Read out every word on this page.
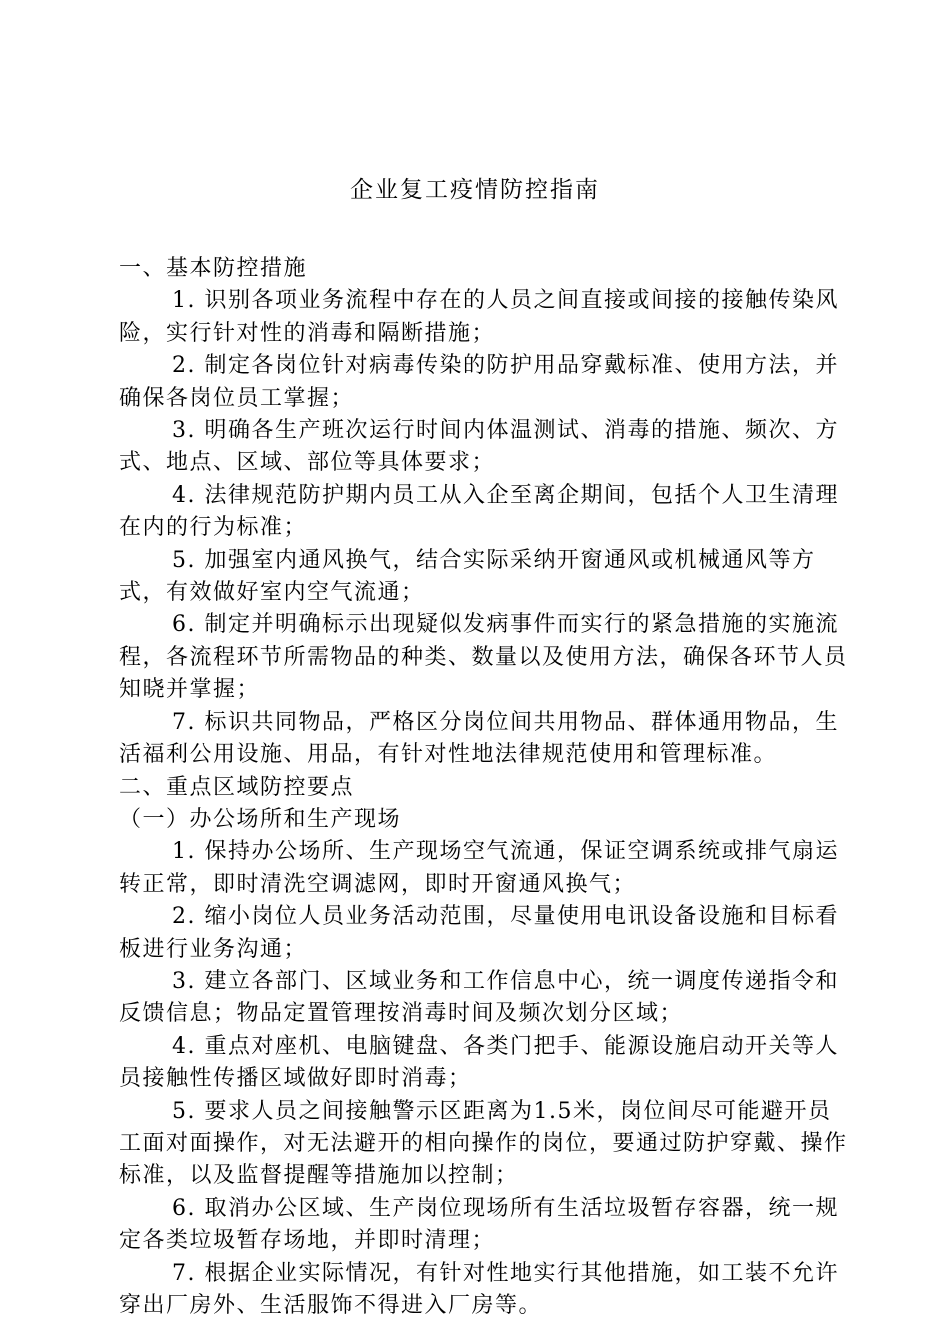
企业复工疫情防控指南

一、基本防控措施

1. 识别各项业务流程中存在的人员之间直接或间接的接触传染风险，实行针对性的消毒和隔断措施；

2. 制定各岗位针对病毒传染的防护用品穿戴标准、使用方法，并确保各岗位员工掌握；

3. 明确各生产班次运行时间内体温测试、消毒的措施、频次、方式、地点、区域、部位等具体要求；

4. 法律规范防护期内员工从入企至离企期间，包括个人卫生清理在内的行为标准；

5. 加强室内通风换气，结合实际采纳开窗通风或机械通风等方式，有效做好室内空气流通；

6. 制定并明确标示出现疑似发病事件而实行的紧急措施的实施流程，各流程环节所需物品的种类、数量以及使用方法，确保各环节人员知晓并掌握；

7. 标识共同物品，严格区分岗位间共用物品、群体通用物品，生活福利公用设施、用品，有针对性地法律规范使用和管理标准。

二、重点区域防控要点

（一）办公场所和生产现场

1. 保持办公场所、生产现场空气流通，保证空调系统或排气扇运转正常，即时清洗空调滤网，即时开窗通风换气；

2. 缩小岗位人员业务活动范围，尽量使用电讯设备设施和目标看板进行业务沟通；

3. 建立各部门、区域业务和工作信息中心，统一调度传递指令和反馈信息；物品定置管理按消毒时间及频次划分区域；

4. 重点对座机、电脑键盘、各类门把手、能源设施启动开关等人员接触性传播区域做好即时消毒；

5. 要求人员之间接触警示区距离为1.5米，岗位间尽可能避开员工面对面操作，对无法避开的相向操作的岗位，要通过防护穿戴、操作标准，以及监督提醒等措施加以控制；

6. 取消办公区域、生产岗位现场所有生活垃圾暂存容器，统一规定各类垃圾暂存场地，并即时清理；

7. 根据企业实际情况，有针对性地实行其他措施，如工装不允许穿出厂房外、生活服饰不得进入厂房等。
